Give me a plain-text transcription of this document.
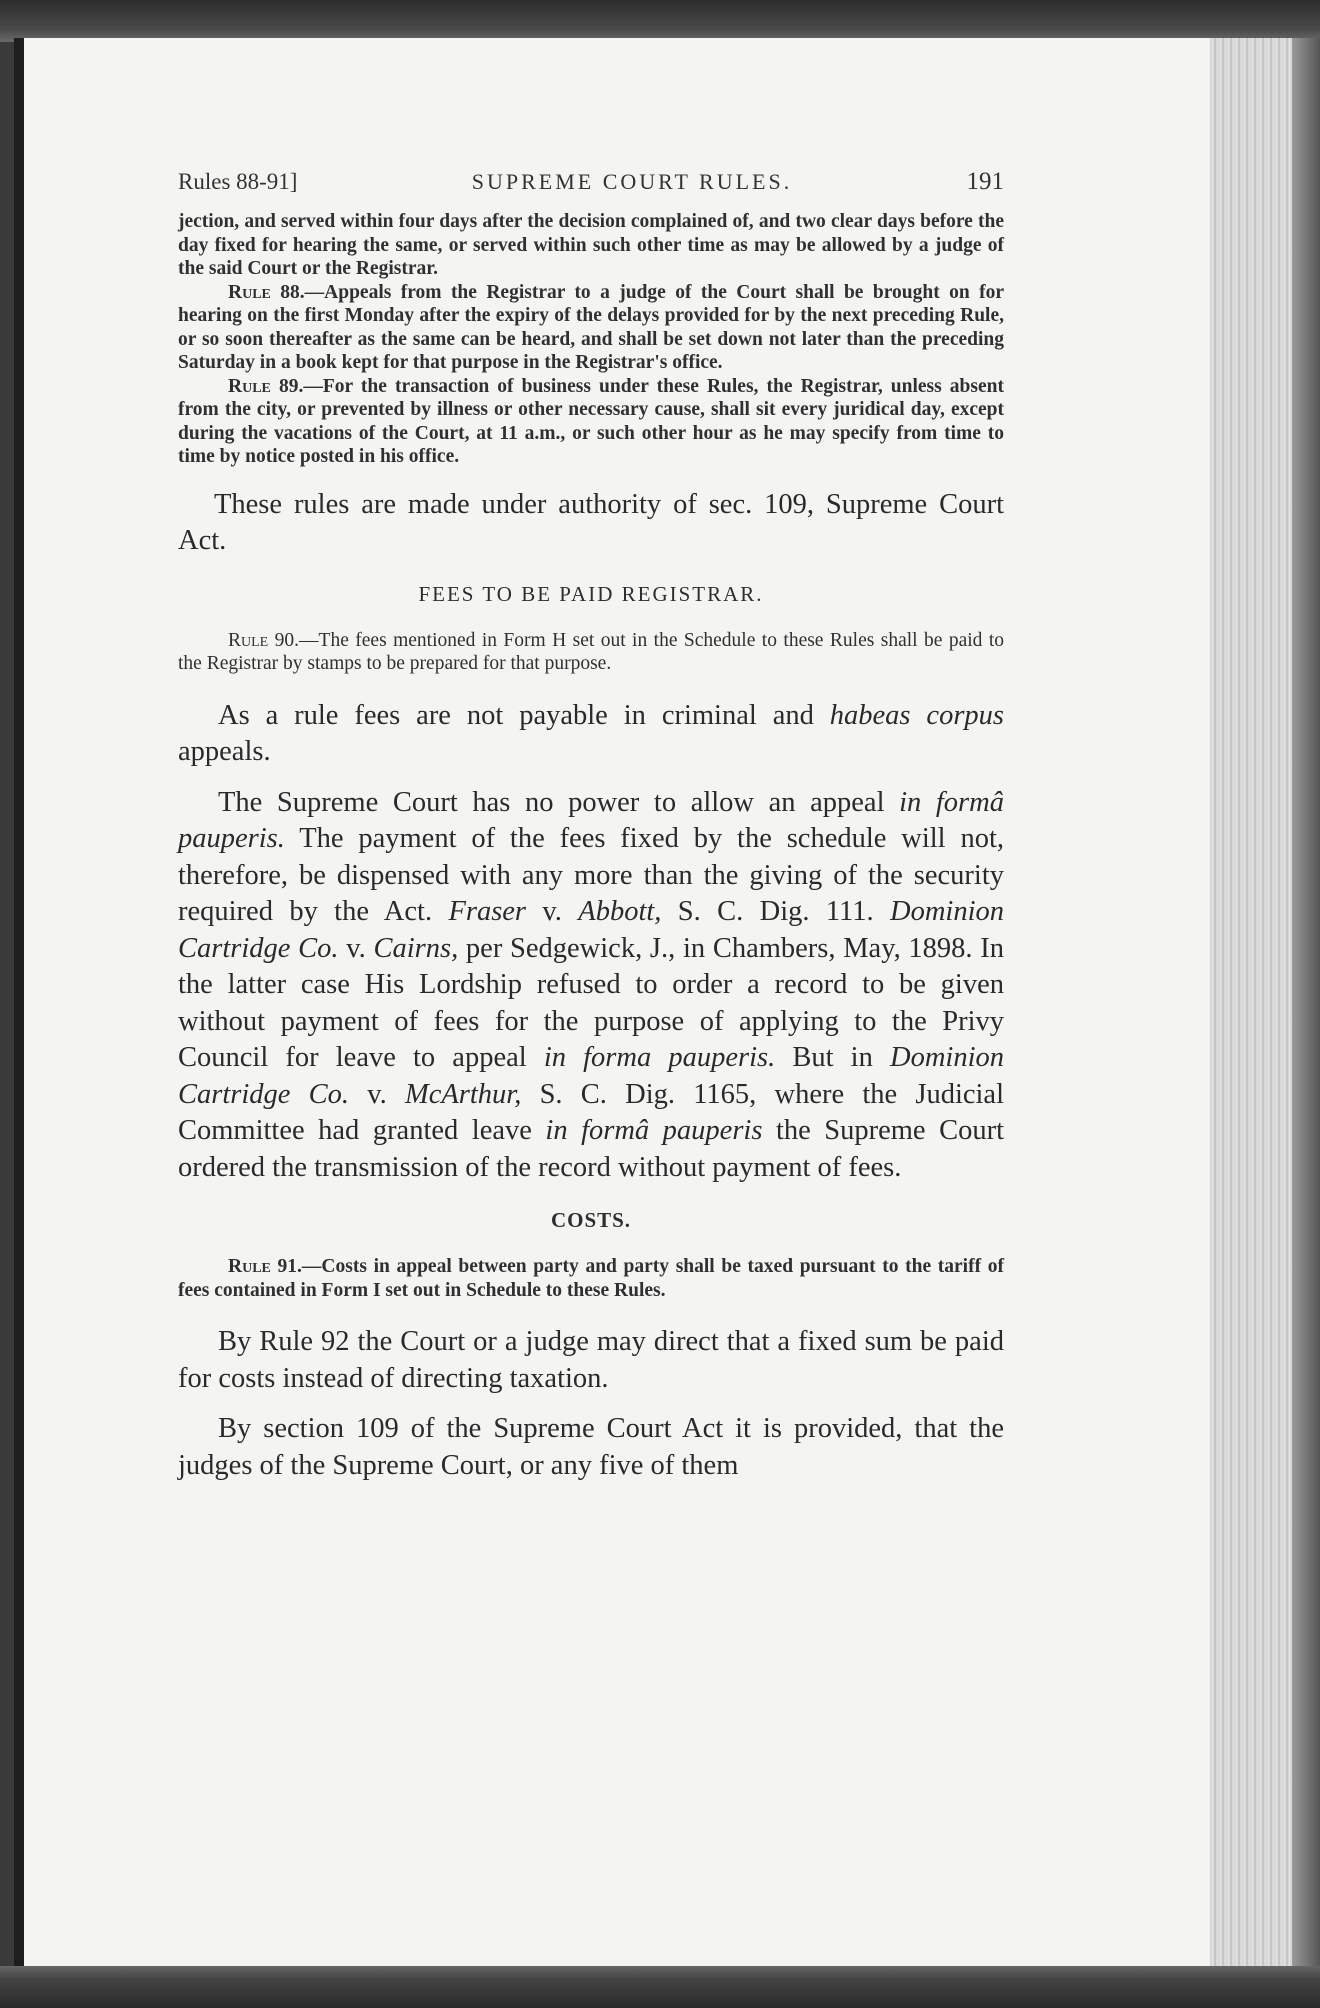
Rules 88-91]	SUPREME COURT RULES.	191

jection, and served within four days after the decision complained of, and two clear days before the day fixed for hearing the same, or served within such other time as may be allowed by a judge of the said Court or the Registrar.

Rule 88.—Appeals from the Registrar to a judge of the Court shall be brought on for hearing on the first Monday after the expiry of the delays provided for by the next preceding Rule, or so soon thereafter as the same can be heard, and shall be set down not later than the preceding Saturday in a book kept for that purpose in the Registrar's office.

Rule 89.—For the transaction of business under these Rules, the Registrar, unless absent from the city, or prevented by illness or other necessary cause, shall sit every juridical day, except during the vacations of the Court, at 11 a.m., or such other hour as he may specify from time to time by notice posted in his office.

These rules are made under authority of sec. 109, Supreme Court Act.

FEES TO BE PAID REGISTRAR.

Rule 90.—The fees mentioned in Form H set out in the Schedule to these Rules shall be paid to the Registrar by stamps to be prepared for that purpose.

As a rule fees are not payable in criminal and habeas corpus appeals.

The Supreme Court has no power to allow an appeal in formâ pauperis. The payment of the fees fixed by the schedule will not, therefore, be dispensed with any more than the giving of the security required by the Act. Fraser v. Abbott, S. C. Dig. 111. Dominion Cartridge Co. v. Cairns, per Sedgewick, J., in Chambers, May, 1898. In the latter case His Lordship refused to order a record to be given without payment of fees for the purpose of applying to the Privy Council for leave to appeal in forma pauperis. But in Dominion Cartridge Co. v. McArthur, S. C. Dig. 1165, where the Judicial Committee had granted leave in formâ pauperis the Supreme Court ordered the transmission of the record without payment of fees.

COSTS.

Rule 91.—Costs in appeal between party and party shall be taxed pursuant to the tariff of fees contained in Form I set out in Schedule to these Rules.

By Rule 92 the Court or a judge may direct that a fixed sum be paid for costs instead of directing taxation.

By section 109 of the Supreme Court Act it is provided, that the judges of the Supreme Court, or any five of them
